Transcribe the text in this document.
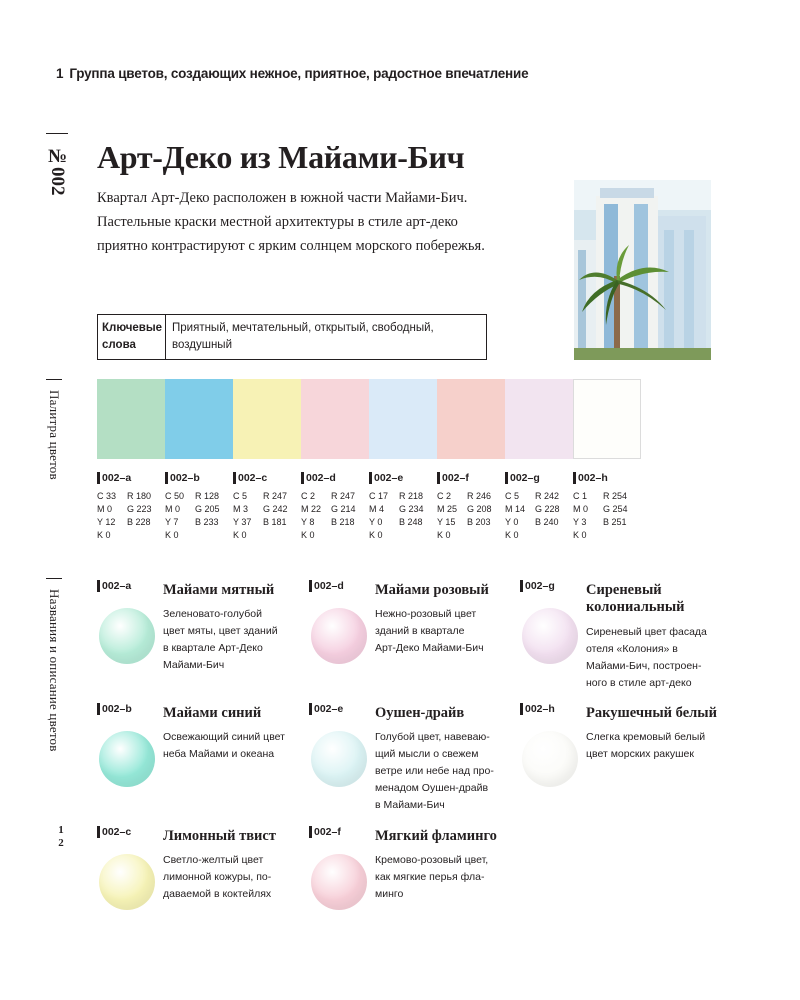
1 Группа цветов, создающих нежное, приятное, радостное впечатление
№002
Палитра цветов
Названия и описание цветов
1
2
Арт-Деко из Майами-Бич
Квартал Арт-Деко расположен в южной части Майами-Бич.
Пастельные краски местной архитектуры в стиле арт-деко
приятно контрастируют с ярким солнцем морского побережья.
Ключевые слова
Приятный, мечтательный, открытый, свободный, воздушный
002–a
C 33
M 0
Y 12
K 0
R 180
G 223
B 228
002–b
C 50
M 0
Y 7
K 0
R 128
G 205
B 233
002–c
C 5
M 3
Y 37
K 0
R 247
G 242
B 181
002–d
C 2
M 22
Y 8
K 0
R 247
G 214
B 218
002–e
C 17
M 4
Y 0
K 0
R 218
G 234
B 248
002–f
C 2
M 25
Y 15
K 0
R 246
G 208
B 203
002–g
C 5
M 14
Y 0
K 0
R 242
G 228
B 240
002–h
C 1
M 0
Y 3
K 0
R 254
G 254
B 251
002–a Майами мятный
Зеленовато-голубой
цвет мяты, цвет зданий
в квартале Арт-Деко
Майами-Бич
002–b Майами синий
Освежающий синий цвет
неба Майами и океана
002–c Лимонный твист
Светло-желтый цвет
лимонной кожуры, по-
даваемой в коктейлях
002–d Майами розовый
Нежно-розовый цвет
зданий в квартале
Арт-Деко Майами-Бич
002–e Оушен-драйв
Голубой цвет, навеваю-
щий мысли о свежем
ветре или небе над про-
менадом Оушен-драйв
в Майами-Бич
002–f Мягкий фламинго
Кремово-розовый цвет,
как мягкие перья фла-
минго
002–g Сиреневый колониальный
Сиреневый цвет фасада
отеля «Колония» в
Майами-Бич, построен-
ного в стиле арт-деко
002–h Ракушечный белый
Слегка кремовый белый
цвет морских ракушек
